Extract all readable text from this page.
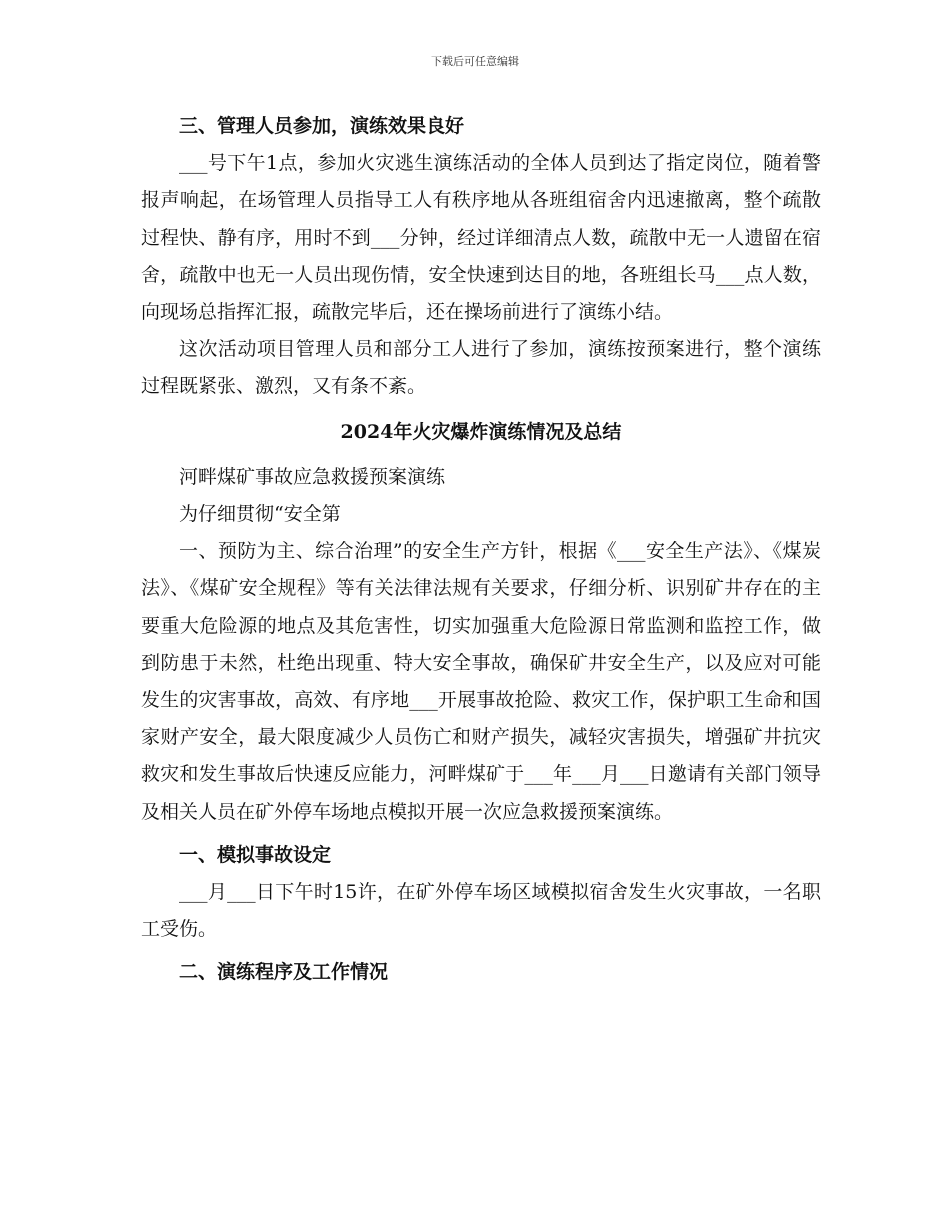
下载后可任意编辑

三、管理人员参加，演练效果良好

___号下午1点，参加火灾逃生演练活动的全体人员到达了指定岗位，随着警报声响起，在场管理人员指导工人有秩序地从各班组宿舍内迅速撤离，整个疏散过程快、静有序，用时不到___分钟，经过详细清点人数，疏散中无一人遗留在宿舍，疏散中也无一人员出现伤情，安全快速到达目的地，各班组长马___点人数，向现场总指挥汇报，疏散完毕后，还在操场前进行了演练小结。

这次活动项目管理人员和部分工人进行了参加，演练按预案进行，整个演练过程既紧张、激烈，又有条不紊。

2024年火灾爆炸演练情况及总结

河畔煤矿事故应急救援预案演练

为仔细贯彻“安全第

一、预防为主、综合治理”的安全生产方针，根据《___安全生产法》、《煤炭法》、《煤矿安全规程》等有关法律法规有关要求，仔细分析、识别矿井存在的主要重大危险源的地点及其危害性，切实加强重大危险源日常监测和监控工作，做到防患于未然，杜绝出现重、特大安全事故，确保矿井安全生产，以及应对可能发生的灾害事故，高效、有序地___开展事故抢险、救灾工作，保护职工生命和国家财产安全，最大限度减少人员伤亡和财产损失，减轻灾害损失，增强矿井抗灾救灾和发生事故后快速反应能力，河畔煤矿于___年___月___日邀请有关部门领导及相关人员在矿外停车场地点模拟开展一次应急救援预案演练。

一、模拟事故设定

___月___日下午时15许，在矿外停车场区域模拟宿舍发生火灾事故，一名职工受伤。

二、演练程序及工作情况
